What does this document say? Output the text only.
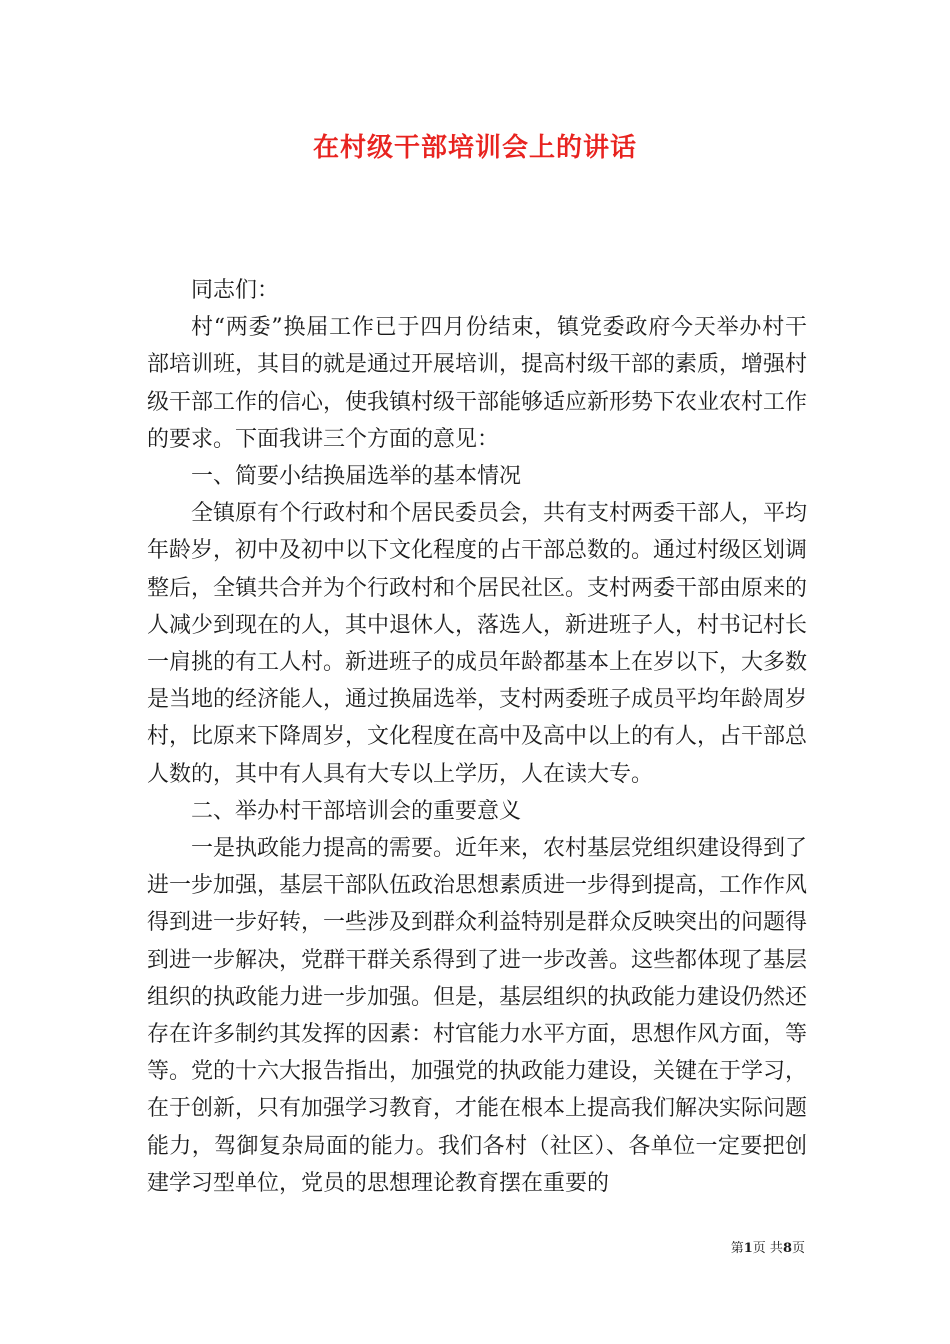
在村级干部培训会上的讲话

同志们：

村“两委”换届工作已于四月份结束，镇党委政府今天举办村干部培训班，其目的就是通过开展培训，提高村级干部的素质，增强村级干部工作的信心，使我镇村级干部能够适应新形势下农业农村工作的要求。下面我讲三个方面的意见：

一、简要小结换届选举的基本情况

全镇原有个行政村和个居民委员会，共有支村两委干部人，平均年龄岁，初中及初中以下文化程度的占干部总数的。通过村级区划调整后，全镇共合并为个行政村和个居民社区。支村两委干部由原来的人减少到现在的人，其中退休人，落选人，新进班子人，村书记村长一肩挑的有工人村。新进班子的成员年龄都基本上在岁以下，大多数是当地的经济能人，通过换届选举，支村两委班子成员平均年龄周岁村，比原来下降周岁，文化程度在高中及高中以上的有人，占干部总人数的，其中有人具有大专以上学历，人在读大专。

二、举办村干部培训会的重要意义

一是执政能力提高的需要。近年来，农村基层党组织建设得到了进一步加强，基层干部队伍政治思想素质进一步得到提高，工作作风得到进一步好转，一些涉及到群众利益特别是群众反映突出的问题得到进一步解决，党群干群关系得到了进一步改善。这些都体现了基层组织的执政能力进一步加强。但是，基层组织的执政能力建设仍然还存在许多制约其发挥的因素：村官能力水平方面，思想作风方面，等等。党的十六大报告指出，加强党的执政能力建设，关键在于学习，在于创新，只有加强学习教育，才能在根本上提高我们解决实际问题能力，驾御复杂局面的能力。我们各村（社区）、各单位一定要把创建学习型单位，党员的思想理论教育摆在重要的

第1页 共8页
